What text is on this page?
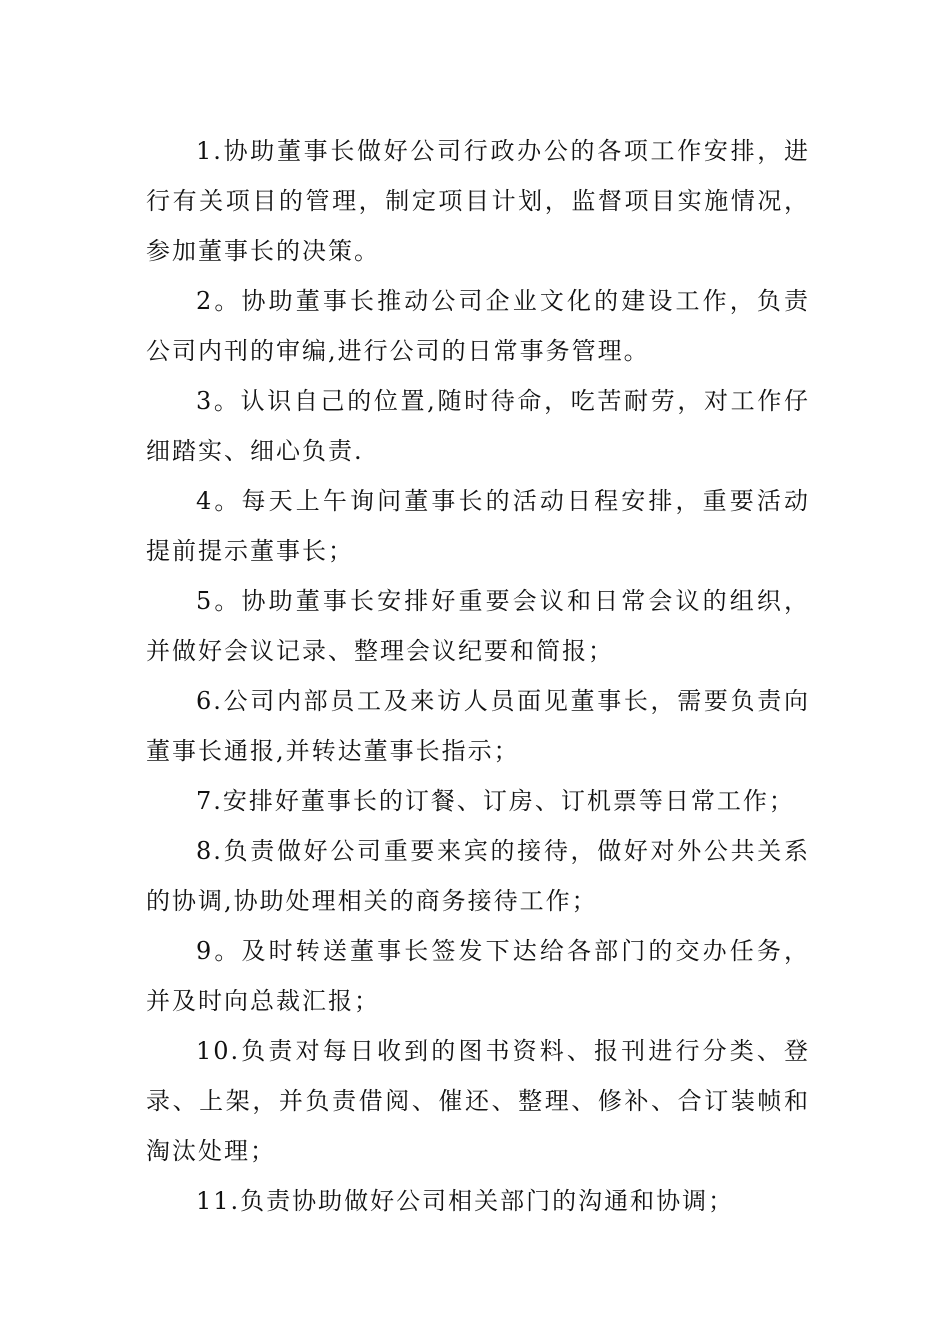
1.协助董事长做好公司行政办公的各项工作安排，进行有关项目的管理，制定项目计划，监督项目实施情况，参加董事长的决策。

2。协助董事长推动公司企业文化的建设工作，负责公司内刊的审编,进行公司的日常事务管理。

3。认识自己的位置,随时待命，吃苦耐劳，对工作仔细踏实、细心负责.

4。每天上午询问董事长的活动日程安排，重要活动提前提示董事长；

5。协助董事长安排好重要会议和日常会议的组织，并做好会议记录、整理会议纪要和简报；

6.公司内部员工及来访人员面见董事长，需要负责向董事长通报,并转达董事长指示；

7.安排好董事长的订餐、订房、订机票等日常工作；

8.负责做好公司重要来宾的接待，做好对外公共关系的协调,协助处理相关的商务接待工作；

9。及时转送董事长签发下达给各部门的交办任务，并及时向总裁汇报；

10.负责对每日收到的图书资料、报刊进行分类、登录、上架，并负责借阅、催还、整理、修补、合订装帧和淘汰处理；

11.负责协助做好公司相关部门的沟通和协调；
